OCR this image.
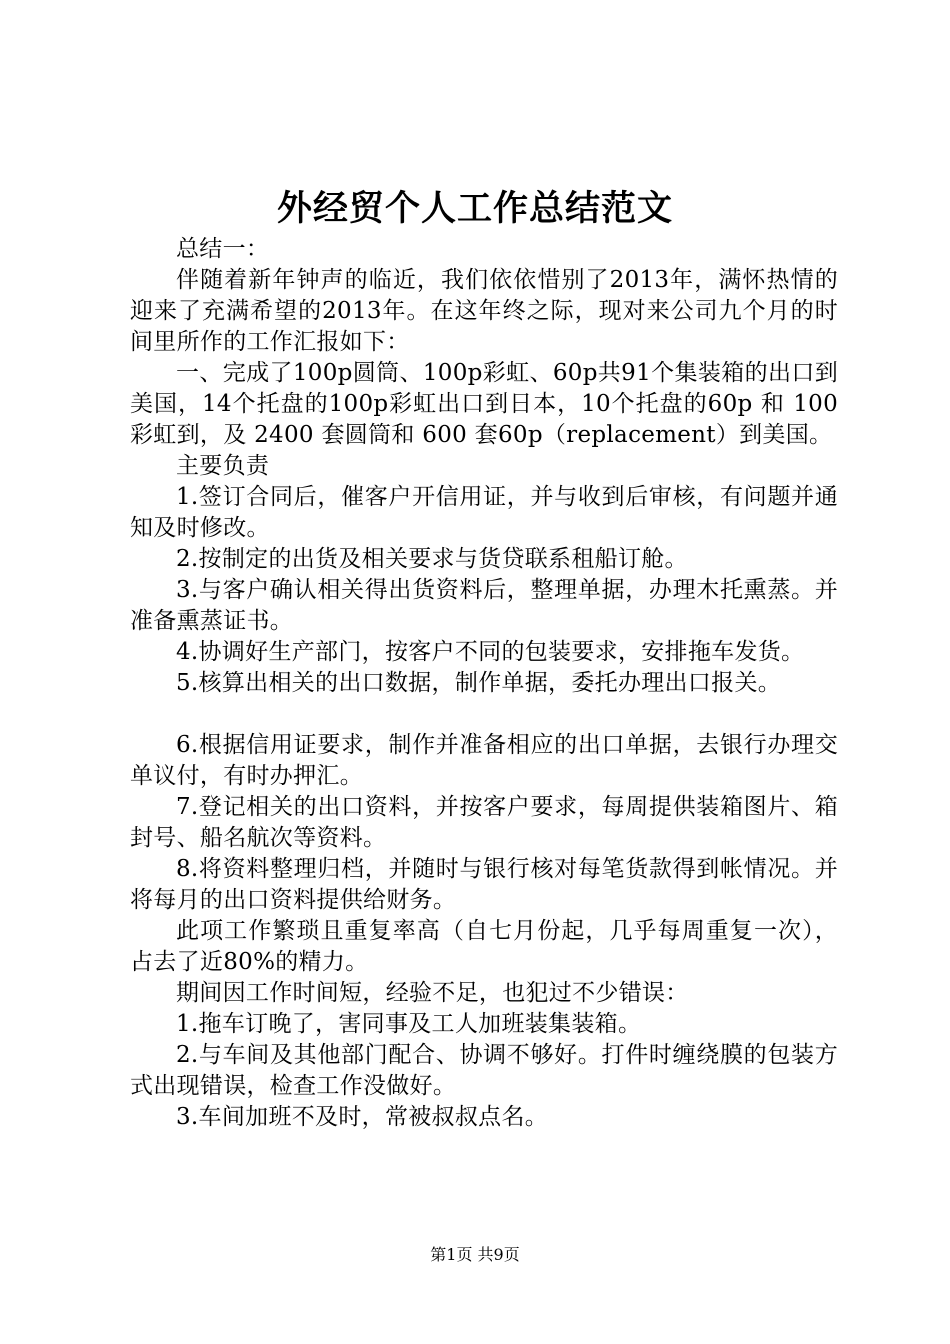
外经贸个人工作总结范文

总结一：

伴随着新年钟声的临近，我们依依惜别了2013年，满怀热情的迎来了充满希望的2013年。在这年终之际，现对来公司九个月的时间里所作的工作汇报如下：

一、完成了100p圆筒、100p彩虹、60p共91个集装箱的出口到美国，14个托盘的100p彩虹出口到日本，10个托盘的60p 和 100 彩虹到，及 2400 套圆筒和 600 套60p（replacement）到美国。

主要负责

1.签订合同后，催客户开信用证，并与收到后审核，有问题并通知及时修改。

2.按制定的出货及相关要求与货贷联系租船订舱。

3.与客户确认相关得出货资料后，整理单据，办理木托熏蒸。并准备熏蒸证书。

4.协调好生产部门，按客户不同的包装要求，安排拖车发货。

5.核算出相关的出口数据，制作单据，委托办理出口报关。

6.根据信用证要求，制作并准备相应的出口单据，去银行办理交单议付，有时办押汇。

7.登记相关的出口资料，并按客户要求，每周提供装箱图片、箱封号、船名航次等资料。

8.将资料整理归档，并随时与银行核对每笔货款得到帐情况。并将每月的出口资料提供给财务。

此项工作繁琐且重复率高（自七月份起，几乎每周重复一次），占去了近80%的精力。

期间因工作时间短，经验不足，也犯过不少错误：

1.拖车订晚了，害同事及工人加班装集装箱。

2.与车间及其他部门配合、协调不够好。打件时缠绕膜的包装方式出现错误，检查工作没做好。

3.车间加班不及时，常被叔叔点名。

第1页 共9页
